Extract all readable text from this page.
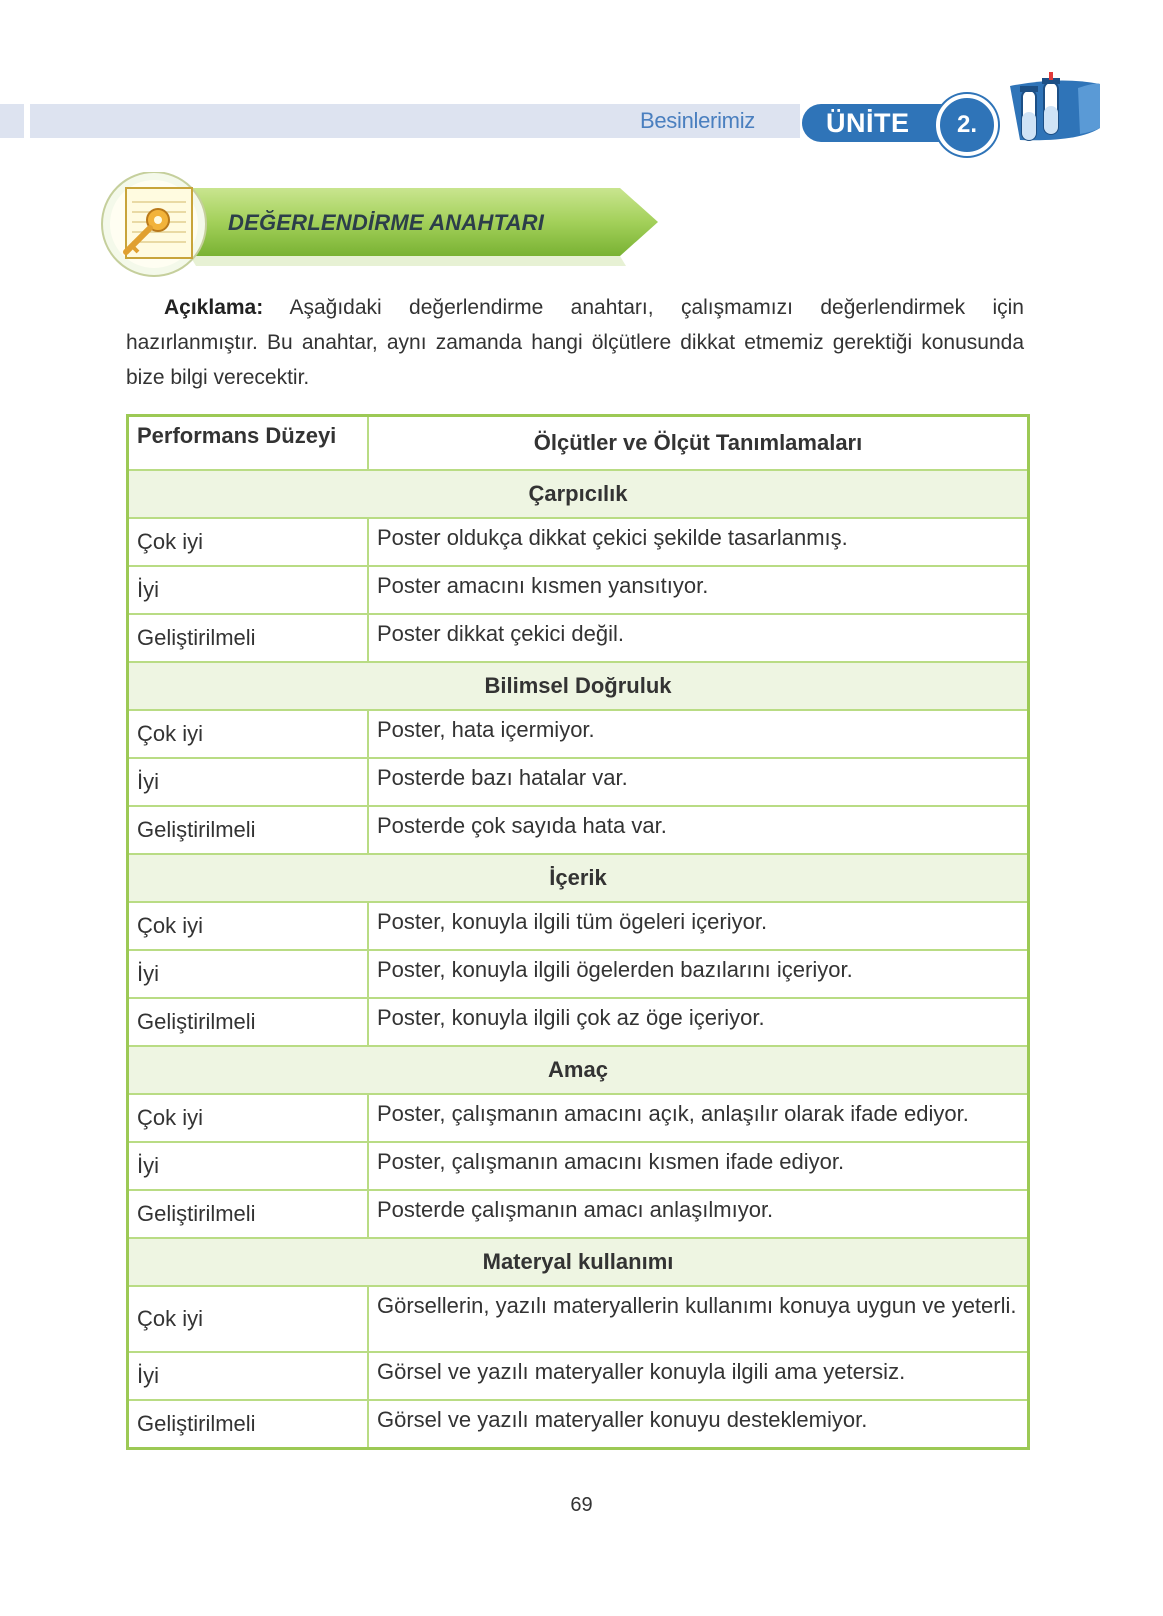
Besinlerimiz	ÜNİTE	2.
DEĞERLENDİRME ANAHTARI

Açıklama: Aşağıdaki değerlendirme anahtarı, çalışmamızı değerlendirmek için hazırlanmıştır. Bu anahtar, aynı zamanda hangi ölçütlere dikkat etmemiz gerektiği konusunda bize bilgi verecektir.

Performans Düzeyi	Ölçütler ve Ölçüt Tanımlamaları
Çarpıcılık	
Çok iyi	Poster oldukça dikkat çekici şekilde tasarlanmış.
İyi	Poster amacını kısmen yansıtıyor.
Geliştirilmeli	Poster dikkat çekici değil.
Bilimsel Doğruluk	
Çok iyi	Poster, hata içermiyor.
İyi	Posterde bazı hatalar var.
Geliştirilmeli	Posterde çok sayıda hata var.
İçerik	
Çok iyi	Poster, konuyla ilgili tüm ögeleri içeriyor.
İyi	Poster, konuyla ilgili ögelerden bazılarını içeriyor.
Geliştirilmeli	Poster, konuyla ilgili çok az öge içeriyor.
Amaç	
Çok iyi	Poster, çalışmanın amacını açık, anlaşılır olarak ifade ediyor.
İyi	Poster, çalışmanın amacını kısmen ifade ediyor.
Geliştirilmeli	Posterde çalışmanın amacı anlaşılmıyor.
Materyal kullanımı	
Çok iyi	Görsellerin, yazılı materyallerin kullanımı konuya uygun ve yeterli.
İyi	Görsel ve yazılı materyaller konuyla ilgili ama yetersiz.
Geliştirilmeli	Görsel ve yazılı materyaller konuyu desteklemiyor.
69
